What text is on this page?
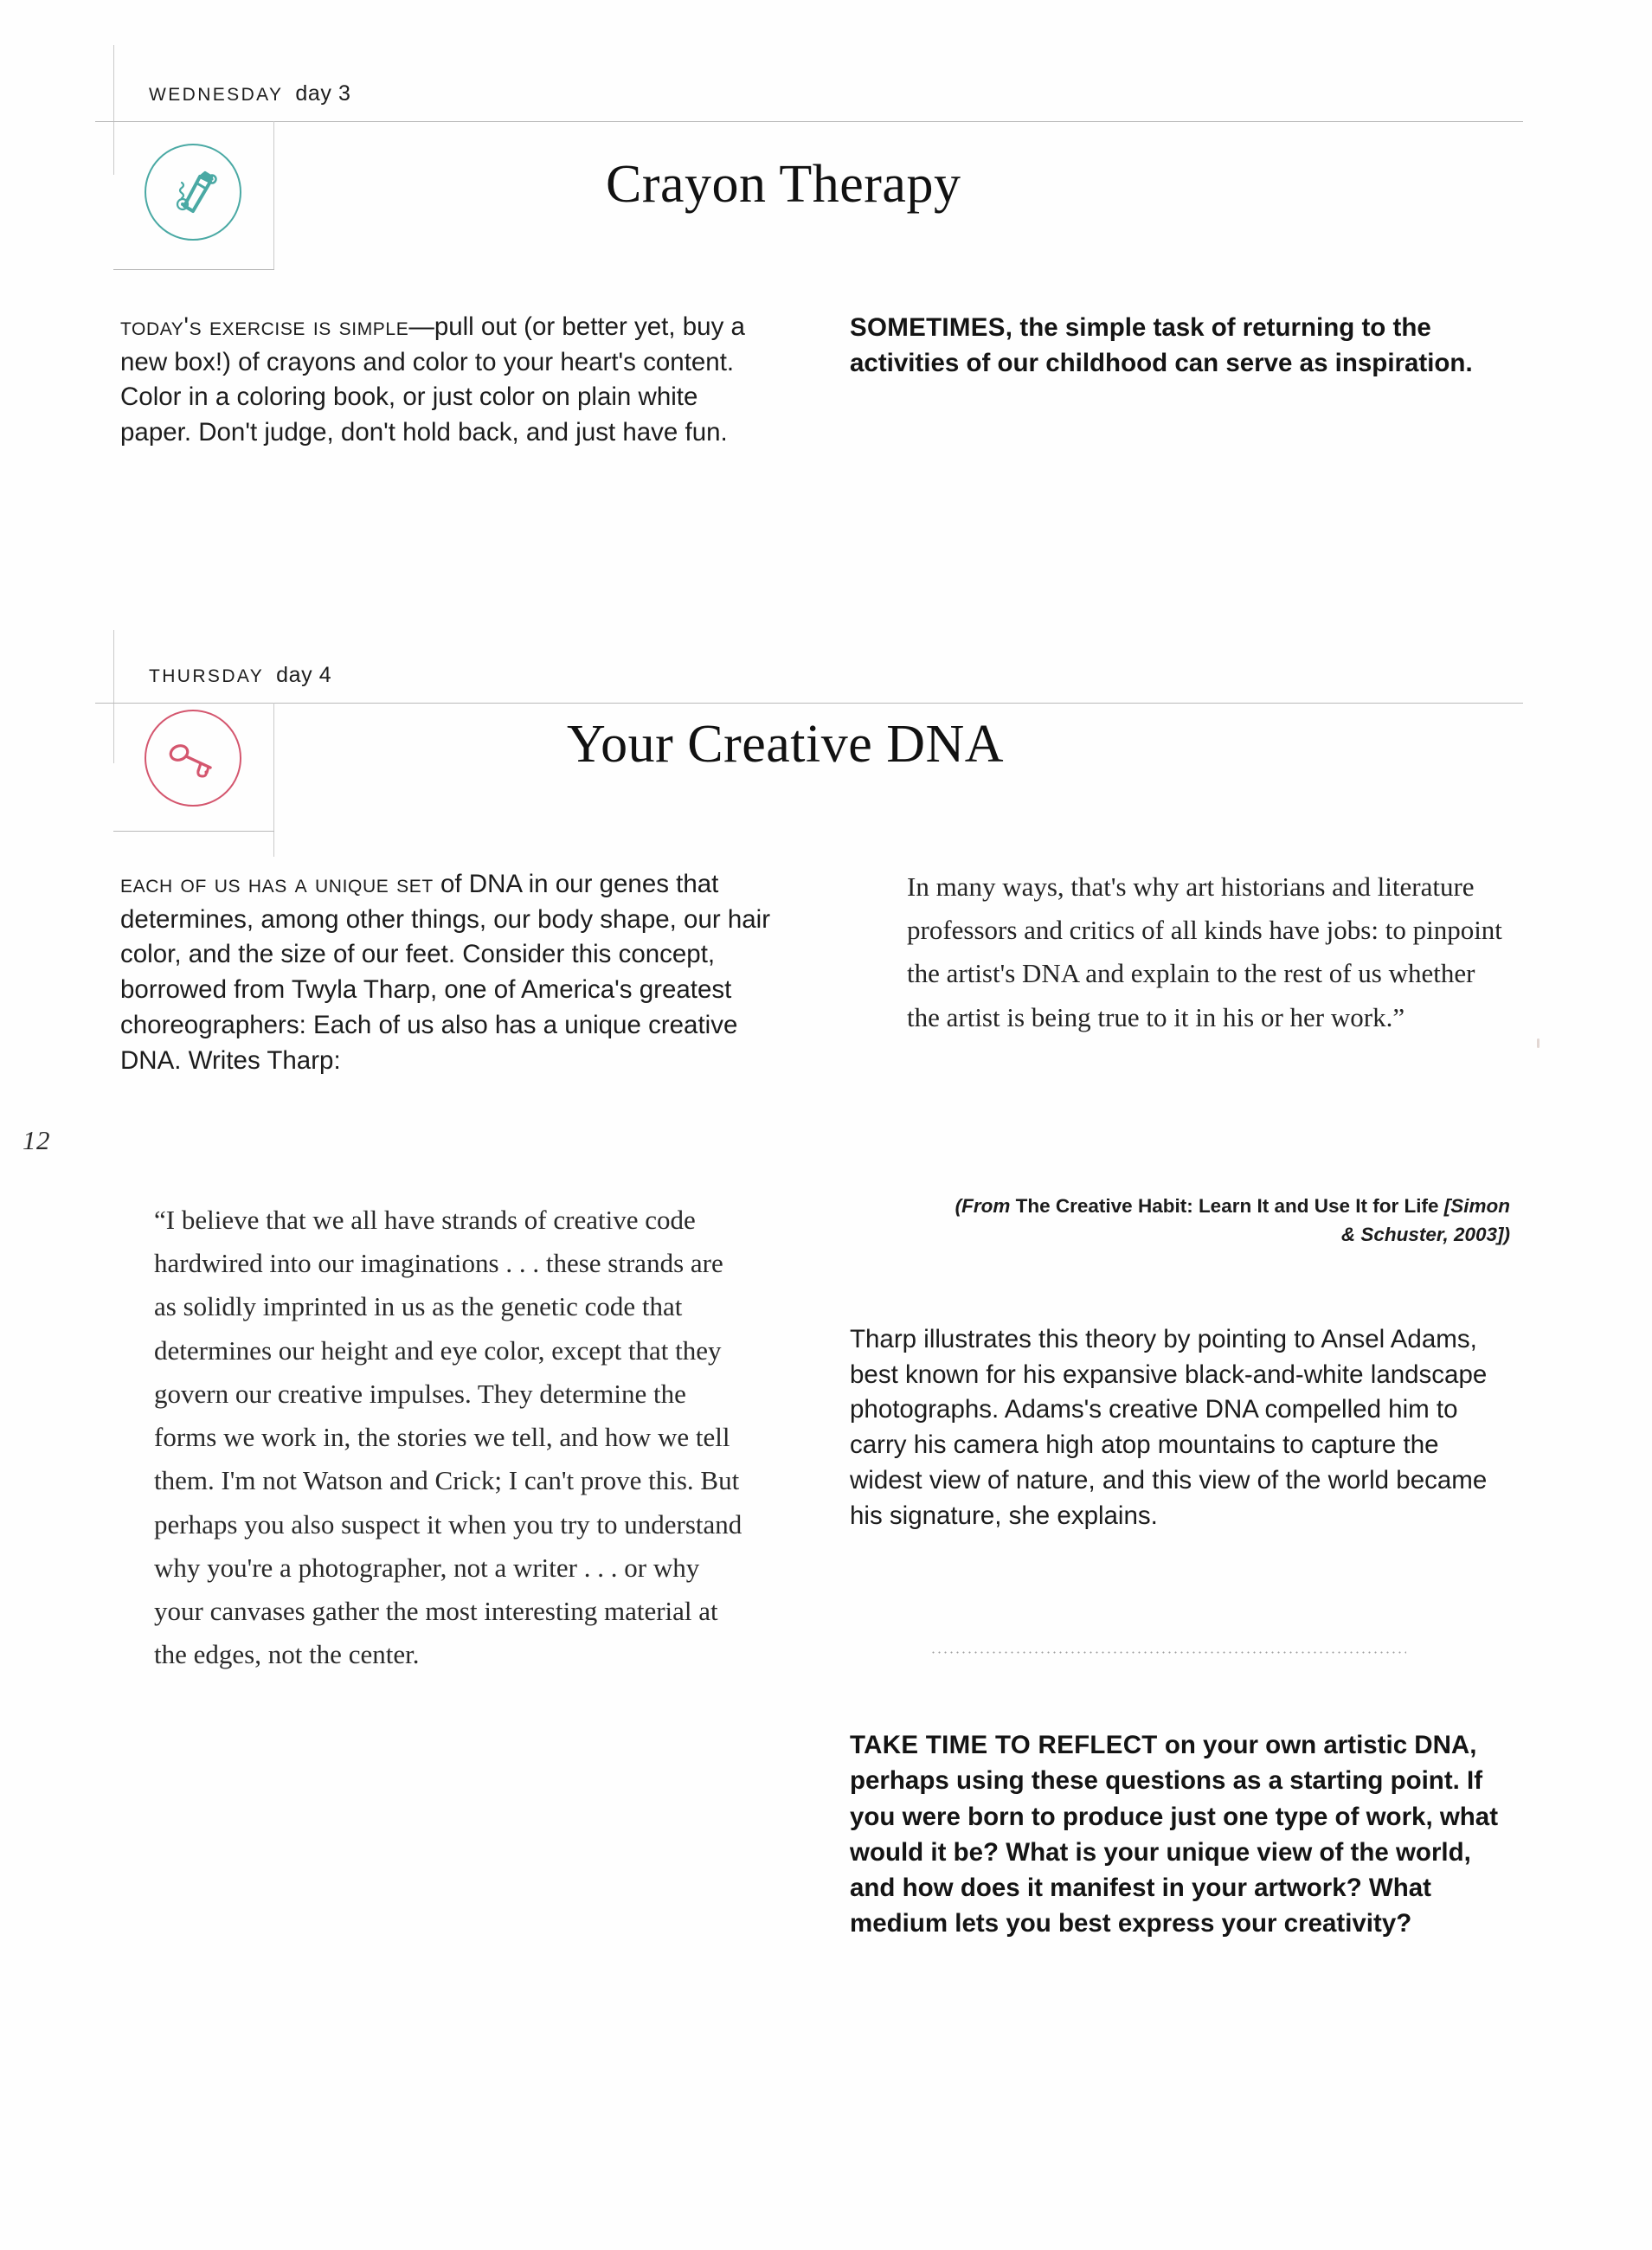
12
WEDNESDAY day 3
Crayon Therapy
today's exercise is simple—pull out (or better yet, buy a new box!) of crayons and color to your heart's content. Color in a coloring book, or just color on plain white paper. Don't judge, don't hold back, and just have fun.
SOMETIMES, the simple task of returning to the activities of our childhood can serve as inspiration.
THURSDAY day 4
Your Creative DNA
each of us has a unique set of DNA in our genes that determines, among other things, our body shape, our hair color, and the size of our feet. Consider this concept, borrowed from Twyla Tharp, one of America's greatest choreographers: Each of us also has a unique creative DNA. Writes Tharp:
“I believe that we all have strands of creative code hardwired into our imaginations . . . these strands are as solidly imprinted in us as the genetic code that determines our height and eye color, except that they govern our creative impulses. They determine the forms we work in, the stories we tell, and how we tell them. I'm not Watson and Crick; I can't prove this. But perhaps you also suspect it when you try to understand why you're a photographer, not a writer . . . or why your canvases gather the most interesting material at the edges, not the center.
In many ways, that's why art historians and literature professors and critics of all kinds have jobs: to pinpoint the artist's DNA and explain to the rest of us whether the artist is being true to it in his or her work.”
(From The Creative Habit: Learn It and Use It for Life [Simon & Schuster, 2003])
Tharp illustrates this theory by pointing to Ansel Adams, best known for his expansive black-and-white landscape photographs. Adams's creative DNA compelled him to carry his camera high atop mountains to capture the widest view of nature, and this view of the world became his signature, she explains.
TAKE TIME TO REFLECT on your own artistic DNA, perhaps using these questions as a starting point. If you were born to produce just one type of work, what would it be? What is your unique view of the world, and how does it manifest in your artwork? What medium lets you best express your creativity?
